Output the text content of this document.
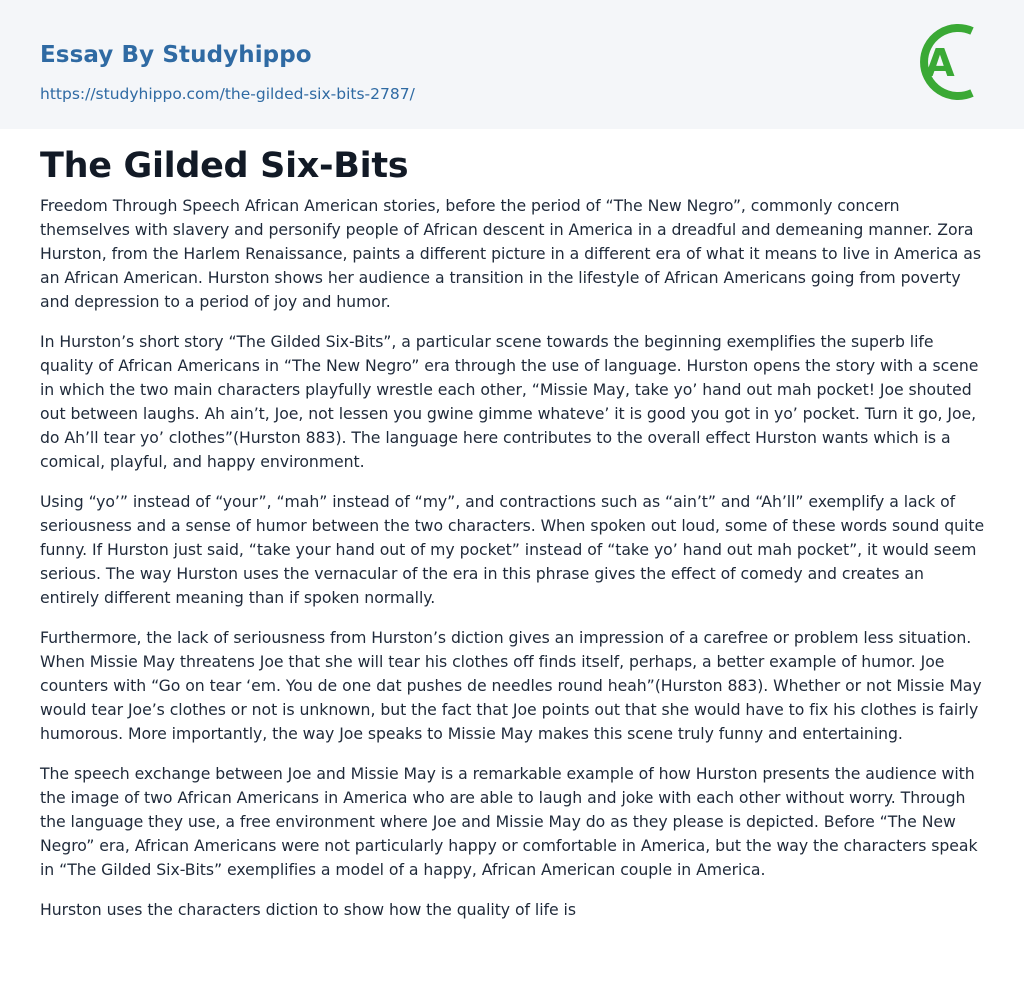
Essay By Studyhippo
https://studyhippo.com/the-gilded-six-bits-2787/
A
The Gilded Six-Bits

Freedom Through Speech African American stories, before the period of “The New Negro”, commonly concern themselves with slavery and personify people of African descent in America in a dreadful and demeaning manner. Zora Hurston, from the Harlem Renaissance, paints a different picture in a different era of what it means to live in America as an African American. Hurston shows her audience a transition in the lifestyle of African Americans going from poverty and depression to a period of joy and humor.

In Hurston’s short story “The Gilded Six-Bits”, a particular scene towards the beginning exemplifies the superb life quality of African Americans in “The New Negro” era through the use of language. Hurston opens the story with a scene in which the two main characters playfully wrestle each other, “Missie May, take yo’ hand out mah pocket! Joe shouted out between laughs. Ah ain’t, Joe, not lessen you gwine gimme whateve’ it is good you got in yo’ pocket. Turn it go, Joe, do Ah’ll tear yo’ clothes”(Hurston 883). The language here contributes to the overall effect Hurston wants which is a comical, playful, and happy environment.

Using “yo’” instead of “your”, “mah” instead of “my”, and contractions such as “ain’t” and “Ah’ll” exemplify a lack of seriousness and a sense of humor between the two characters. When spoken out loud, some of these words sound quite funny. If Hurston just said, “take your hand out of my pocket” instead of “take yo’ hand out mah pocket”, it would seem serious. The way Hurston uses the vernacular of the era in this phrase gives the effect of comedy and creates an entirely different meaning than if spoken normally.

Furthermore, the lack of seriousness from Hurston’s diction gives an impression of a carefree or problem less situation. When Missie May threatens Joe that she will tear his clothes off finds itself, perhaps, a better example of humor. Joe counters with “Go on tear ‘em. You de one dat pushes de needles round heah”(Hurston 883). Whether or not Missie May would tear Joe’s clothes or not is unknown, but the fact that Joe points out that she would have to fix his clothes is fairly humorous. More importantly, the way Joe speaks to Missie May makes this scene truly funny and entertaining.

The speech exchange between Joe and Missie May is a remarkable example of how Hurston presents the audience with the image of two African Americans in America who are able to laugh and joke with each other without worry. Through the language they use, a free environment where Joe and Missie May do as they please is depicted. Before “The New Negro” era, African Americans were not particularly happy or comfortable in America, but the way the characters speak in “The Gilded Six-Bits” exemplifies a model of a happy, African American couple in America.

Hurston uses the characters diction to show how the quality of life is
